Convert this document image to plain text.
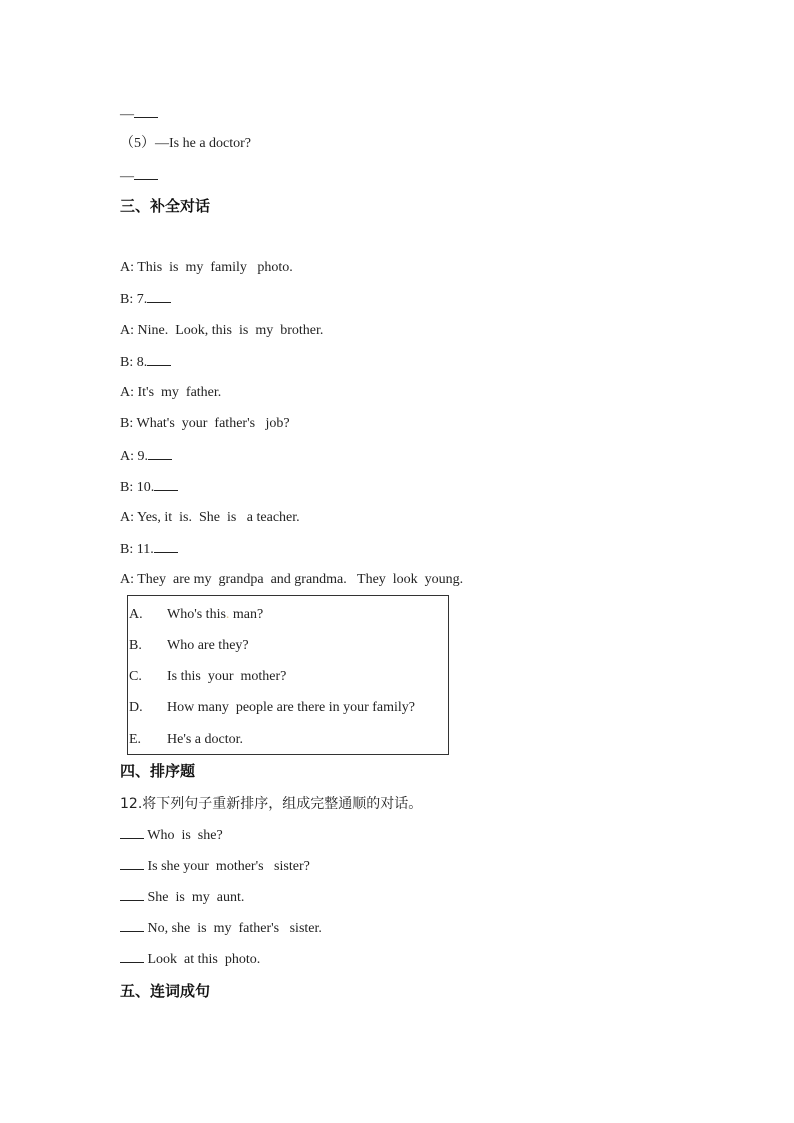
—
（5）—Is he a doctor?
—
三、补全对话
A: This  is  my  family   photo.
B: 7.
A: Nine.  Look, this  is  my  brother.
B: 8.
A: It's  my  father.
B: What's  your  father's   job?
A: 9.
B: 10.
A: Yes, it  is.  She  is   a teacher.
B: 11.
A: They  are my  grandpa  and grandma.   They  look  young.
A. Who's this. man?
B. Who are they?
C. Is this  your  mother?
D. How many  people are there in your family?
E. He's a doctor.
四、排序题
12.将下列句子重新排序，组成完整通顺的对话。
Who  is  she?
Is she your  mother's   sister?
She  is  my  aunt.
No, she  is  my  father's   sister.
Look  at this  photo.
五、连词成句
